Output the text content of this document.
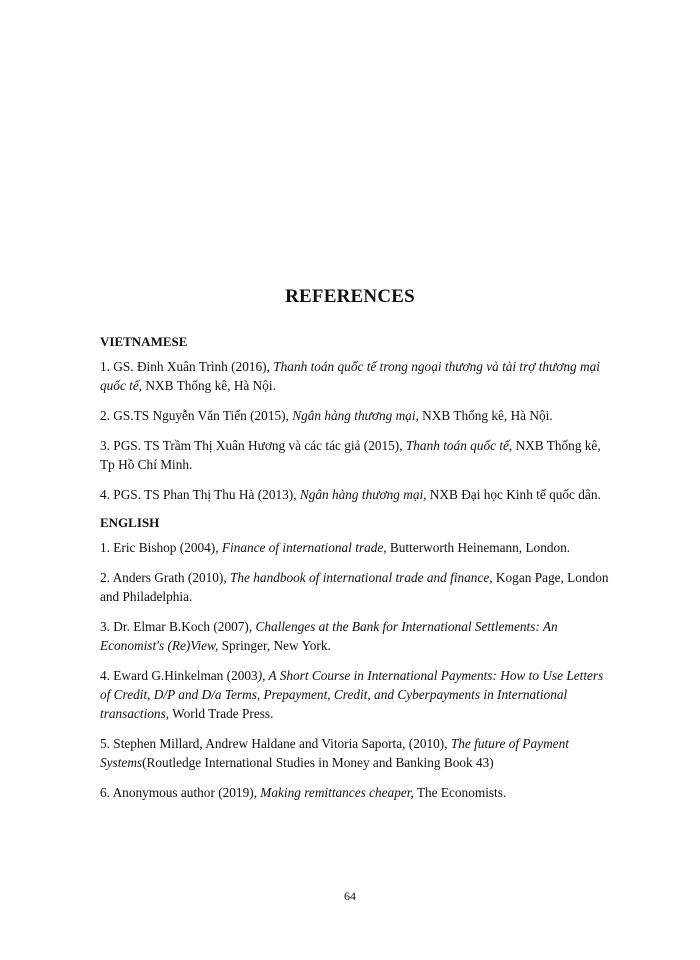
REFERENCES
VIETNAMESE

1. GS. Đinh Xuân Trình (2016), Thanh toán quốc tế trong ngoại thương và tài trợ thương mại quốc tế, NXB Thống kê, Hà Nội.

2. GS.TS Nguyễn Văn Tiến (2015), Ngân hàng thương mại, NXB Thống kê, Hà Nội.

3. PGS. TS Trầm Thị Xuân Hương và các tác giả (2015), Thanh toán quốc tế, NXB Thống kê, Tp Hồ Chí Minh.

4. PGS. TS Phan Thị Thu Hà (2013), Ngân hàng thương mại, NXB Đại học Kinh tế quốc dân.

ENGLISH

1. Eric Bishop (2004), Finance of international trade, Butterworth Heinemann, London.

2. Anders Grath (2010), The handbook of international trade and finance, Kogan Page, London and Philadelphia.

3. Dr. Elmar B.Koch (2007), Challenges at the Bank for International Settlements: An Economist's (Re)View, Springer, New York.

4. Eward G.Hinkelman (2003), A Short Course in International Payments: How to Use Letters of Credit, D/P and D/a Terms, Prepayment, Credit, and Cyberpayments in International transactions, World Trade Press.

5. Stephen Millard, Andrew Haldane and Vitoria Saporta, (2010), The future of Payment Systems(Routledge International Studies in Money and Banking Book 43)

6. Anonymous author (2019), Making remittances cheaper, The Economists.

64
